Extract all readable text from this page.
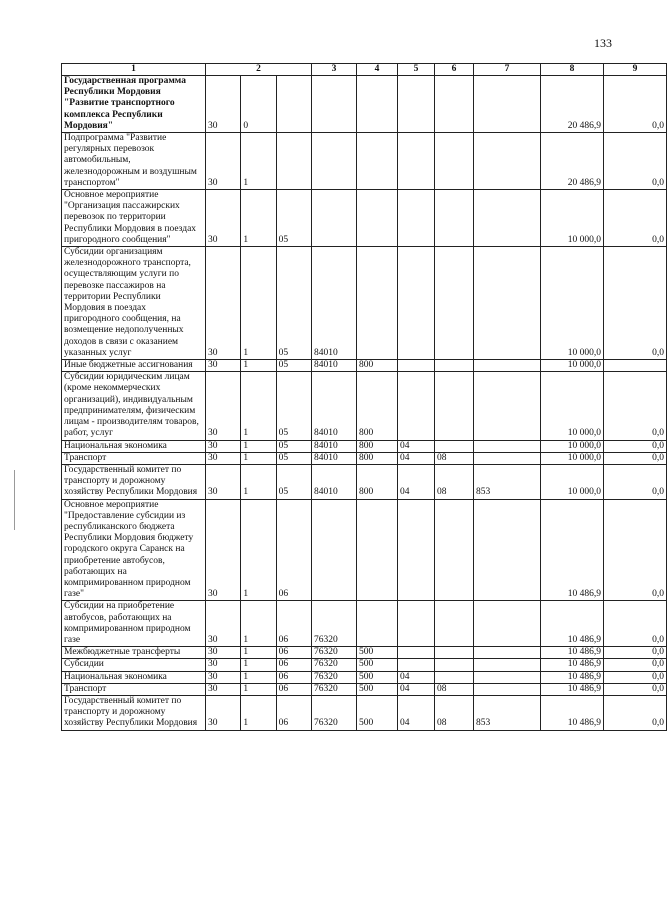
133
1	2			3	4	5	6	7	8	9	
Государственная программа Республики Мордовия "Развитие транспортного комплекса Республики Мордовия"	30	0							20 486,9	0,0	
Подпрограмма "Развитие регулярных перевозок автомобильным, железнодорожным и воздушным транспортом"	30	1							20 486,9	0,0	
Основное мероприятие "Организация пассажирских перевозок по территории Республики Мордовия в поездах пригородного сообщения"	30	1	05						10 000,0	0,0	
Субсидии организациям железнодорожного транспорта, осуществляющим услуги по перевозке пассажиров на территории Республики Мордовия в поездах пригородного сообщения, на возмещение недополученных доходов в связи с оказанием указанных услуг	30	1	05	84010					10 000,0	0,0	
Иные бюджетные ассигнования	30	1	05	84010	800				10 000,0		
Субсидии юридическим лицам (кроме некоммерческих организаций), индивидуальным предпринимателям, физическим лицам - производителям товаров, работ, услуг	30	1	05	84010	800				10 000,0	0,0	
Национальная экономика	30	1	05	84010	800	04			10 000,0	0,0	
Транспорт	30	1	05	84010	800	04	08		10 000,0	0,0	
Государственный комитет по транспорту и дорожному хозяйству Республики Мордовия	30	1	05	84010	800	04	08	853	10 000,0	0,0	
Основное мероприятие "Предоставление субсидии из республиканского бюджета Республики Мордовия бюджету городского округа Саранск на приобретение автобусов, работающих на компримированном природном газе"	30	1	06						10 486,9	0,0	
Субсидии на приобретение автобусов, работающих на компримированном природном газе	30	1	06	76320					10 486,9	0,0	
Межбюджетные трансферты	30	1	06	76320	500				10 486,9	0,0	
Субсидии	30	1	06	76320	500				10 486,9	0,0	
Национальная экономика	30	1	06	76320	500	04			10 486,9	0,0	
Транспорт	30	1	06	76320	500	04	08		10 486,9	0,0	
Государственный комитет по транспорту и дорожному хозяйству Республики Мордовия	30	1	06	76320	500	04	08	853	10 486,9	0,0	
